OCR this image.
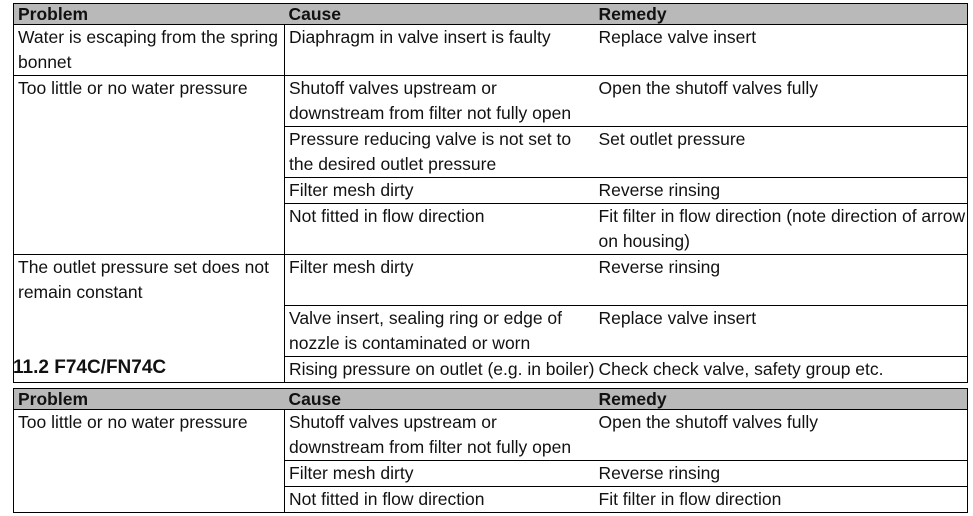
Problem	Cause	Remedy
Water is escaping from the spring bonnet	Diaphragm in valve insert is faulty	Replace valve insert
Too little or no water pressure	Shutoff valves upstream or downstream from filter not fully open	Open the shutoff valves fully
	Pressure reducing valve is not set to the desired outlet pressure	Set outlet pressure
	Filter mesh dirty	Reverse rinsing
	Not fitted in flow direction	Fit filter in flow direction (note direction of arrow on housing)
The outlet pressure set does not remain constant	Filter mesh dirty	Reverse rinsing
	Valve insert, sealing ring or edge of nozzle is contaminated or worn	Replace valve insert
	Rising pressure on outlet (e.g. in boiler)	Check check valve, safety group etc.
11.2 F74C/FN74C
Problem	Cause	Remedy
Too little or no water pressure	Shutoff valves upstream or downstream from filter not fully open	Open the shutoff valves fully
	Filter mesh dirty	Reverse rinsing
	Not fitted in flow direction	Fit filter in flow direction
